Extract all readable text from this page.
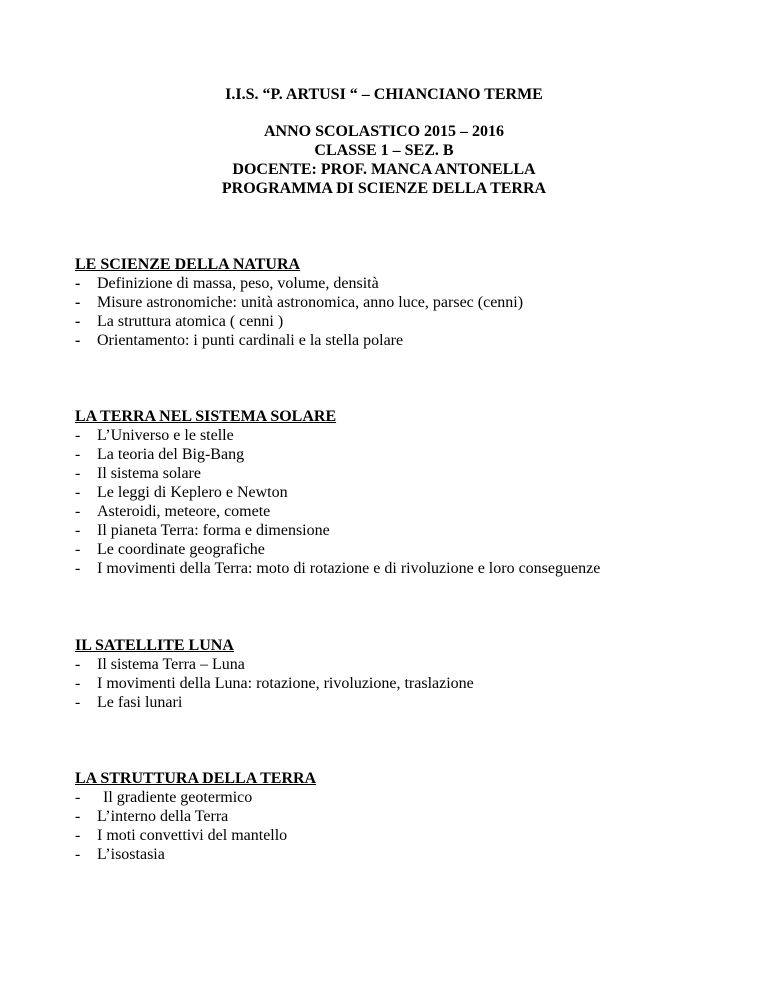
I.I.S. “P. ARTUSI “ – CHIANCIANO TERME
ANNO SCOLASTICO 2015 – 2016
CLASSE 1 – SEZ. B
DOCENTE: PROF. MANCA ANTONELLA
PROGRAMMA DI SCIENZE DELLA TERRA
LE SCIENZE DELLA NATURA
- Definizione di massa, peso, volume, densità
- Misure astronomiche: unità astronomica, anno luce, parsec (cenni)
- La struttura atomica ( cenni )
- Orientamento: i punti cardinali e la stella polare
LA TERRA NEL SISTEMA SOLARE
- L’Universo e le stelle
- La teoria del Big-Bang
- Il sistema solare
- Le leggi di Keplero e Newton
- Asteroidi, meteore, comete
- Il pianeta Terra: forma e dimensione
- Le coordinate geografiche
- I movimenti della Terra: moto di rotazione e di rivoluzione e loro conseguenze
IL SATELLITE LUNA
- Il sistema Terra – Luna
- I movimenti della Luna: rotazione, rivoluzione, traslazione
- Le fasi lunari
LA STRUTTURA DELLA TERRA
- Il gradiente geotermico
- L’interno della Terra
- I moti convettivi del mantello
- L’isostasia
